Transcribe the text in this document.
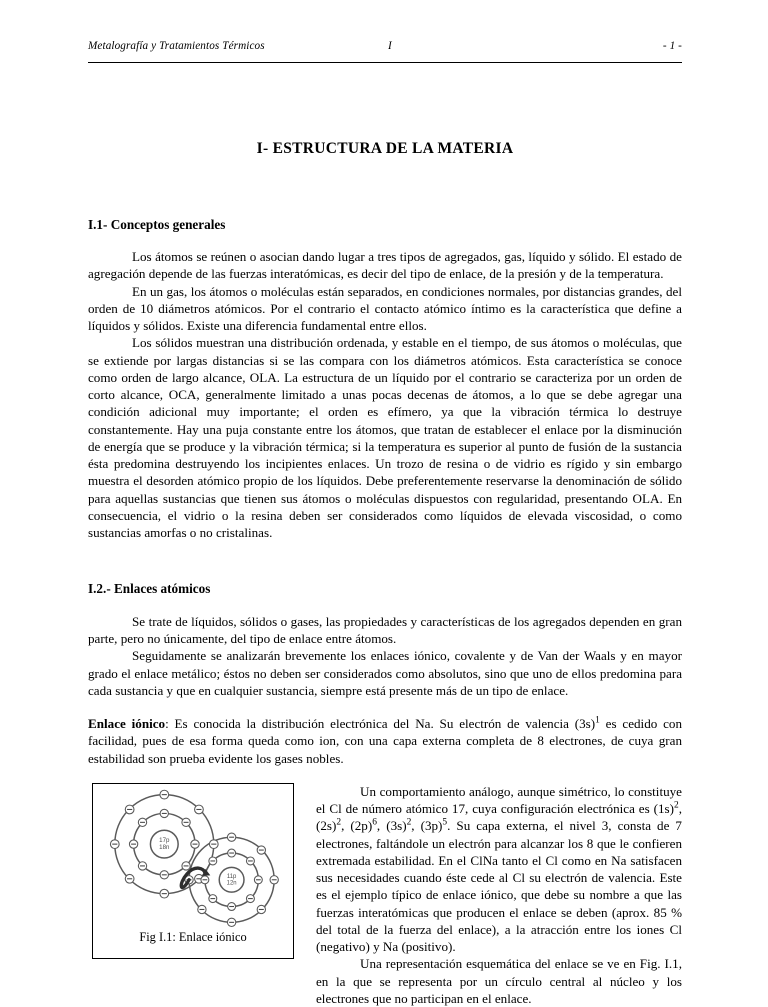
Metalografía y Tratamientos Térmicos	I	- 1 -
I- ESTRUCTURA DE LA MATERIA
I.1- Conceptos generales

Los átomos se reúnen o asocian dando lugar a tres tipos de agregados, gas, líquido y sólido. El estado de agregación depende de las fuerzas interatómicas, es decir del tipo de enlace, de la presión y de la temperatura.

En un gas, los átomos o moléculas están separados, en condiciones normales, por distancias grandes, del orden de 10 diámetros atómicos. Por el contrario el contacto atómico íntimo es la característica que define a líquidos y sólidos. Existe una diferencia fundamental entre ellos.

Los sólidos muestran una distribución ordenada, y estable en el tiempo, de sus átomos o moléculas, que se extiende por largas distancias si se las compara con los diámetros atómicos. Esta característica se conoce como orden de largo alcance, OLA. La estructura de un líquido por el contrario se caracteriza por un orden de corto alcance, OCA, generalmente limitado a unas pocas decenas de átomos, a lo que se debe agregar una condición adicional muy importante; el orden es efímero, ya que la vibración térmica lo destruye constantemente. Hay una puja constante entre los átomos, que tratan de establecer el enlace por la disminución de energía que se produce y la vibración térmica; si la temperatura es superior al punto de fusión de la sustancia ésta predomina destruyendo los incipientes enlaces. Un trozo de resina o de vidrio es rígido y sin embargo muestra el desorden atómico propio de los líquidos. Debe preferentemente reservarse la denominación de sólido para aquellas sustancias que tienen sus átomos o moléculas dispuestos con regularidad, presentando OLA. En consecuencia, el vidrio o la resina deben ser considerados como líquidos de elevada viscosidad, o como sustancias amorfas o no cristalinas.

I.2.- Enlaces atómicos

Se trate de líquidos, sólidos o gases, las propiedades y características de los agregados dependen en gran parte, pero no únicamente, del tipo de enlace entre átomos.

Seguidamente se analizarán brevemente los enlaces iónico, covalente y de Van der Waals y en mayor grado el enlace metálico; éstos no deben ser considerados como absolutos, sino que uno de ellos predomina para cada sustancia y que en cualquier sustancia, siempre está presente más de un tipo de enlace.

Enlace iónico: Es conocida la distribución electrónica del Na. Su electrón de valencia $(3s)^1$ es cedido con facilidad, pues de esa forma queda como ion, con una capa externa completa de 8 electrones, de cuya gran estabilidad son prueba evidente los gases nobles.

17p
18n
11p
12n
Fig I.1: Enlace iónico

Un comportamiento análogo, aunque simétrico, lo constituye el Cl de número atómico 17, cuya configuración electrónica es $(1s)^2$, $(2s)^2$, $(2p)^6$, $(3s)^2$, $(3p)^5$. Su capa externa, el nivel 3, consta de 7 electrones, faltándole un electrón para alcanzar los 8 que le confieren extremada estabilidad. En el ClNa tanto el Cl como en Na satisfacen sus necesidades cuando éste cede al Cl su electrón de valencia. Este es el ejemplo típico de enlace iónico, que debe su nombre a que las fuerzas interatómicas que producen el enlace se deben (aprox. 85 % del total de la fuerza del enlace), a la atracción entre los iones Cl (negativo) y Na (positivo).

Una representación esquemática del enlace se ve en Fig. I.1, en la que se representa por un círculo central al núcleo y los electrones que no participan en el enlace.
